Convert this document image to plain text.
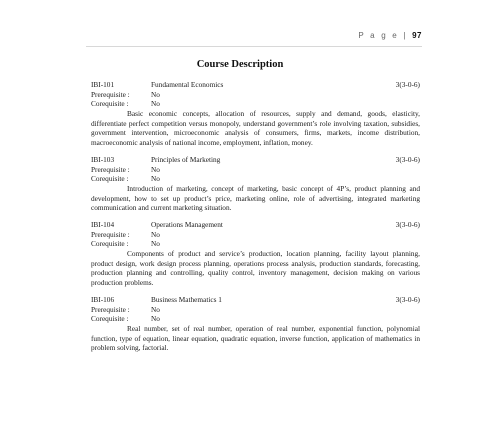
P a g e | 97
Course Description
IBI-101	Fundamental Economics	3(3-0-6)
Prerequisite :	No
Corequisite :	No

Basic economic concepts, allocation of resources, supply and demand, goods, elasticity, differentiate perfect competition versus monopoly, understand government’s role involving taxation, subsidies, government intervention, microeconomic analysis of consumers, firms, markets, income distribution, macroeconomic analysis of national income, employment, inflation, money.

IBI-103	Principles of Marketing	3(3-0-6)
Prerequisite :	No
Corequisite :	No

Introduction of marketing, concept of marketing, basic concept of 4P’s, product planning and development, how to set up product’s price, marketing online, role of advertising, integrated marketing communication and current marketing situation.

IBI-104	Operations Management	3(3-0-6)
Prerequisite :	No
Corequisite :	No

Components of product and service’s production, location planning, facility layout planning, product design, work design process planning, operations process analysis, production standards, forecasting, production planning and controlling, quality control, inventory management, decision making on various production problems.

IBI-106	Business Mathematics 1	3(3-0-6)
Prerequisite :	No
Corequisite :	No

Real number, set of real number, operation of real number, exponential function, polynomial function, type of equation, linear equation, quadratic equation, inverse function, application of mathematics in problem solving, factorial.
